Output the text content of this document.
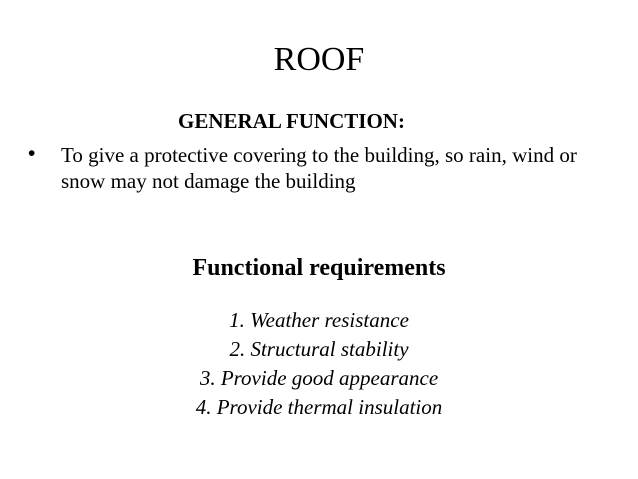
ROOF
GENERAL FUNCTION:
• To give a protective covering to the building, so rain, wind or snow may not damage the building
Functional requirements
1. Weather resistance
2. Structural stability
3. Provide good appearance
4. Provide thermal insulation
